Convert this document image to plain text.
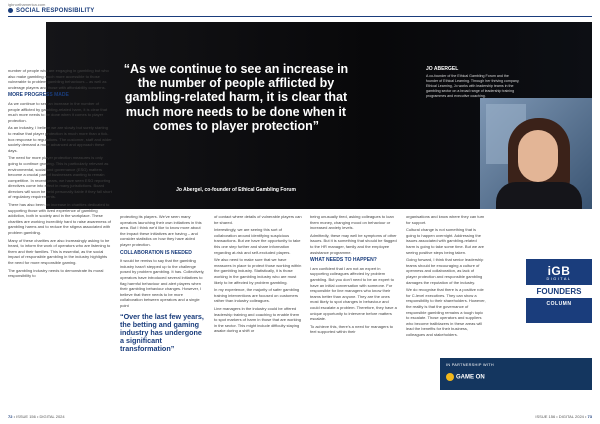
igbnorthamerica.com
SOCIAL RESPONSIBILITY
“As we continue to see an increase in the number of people afflicted by gambling-related harm, it is clear that much more needs to be done when it comes to player protection”
Jo Abergel, co-founder of Ethical Gambling Forum
JO ABERGEL
A co-founder of the Ethical Gambling Forum and the founder of Ethical Learning. Through her thriving company, Ethical Learning, Jo works with leadership teams in the gambling sector on a broad range of leadership training programmes and executive coaching.

number of people who are engaging in gambling but who also make gambling much more accessible to those vulnerable to problem gambling behaviours – as well as underage players and those with affordability concerns.

MORE PROGRESS MADE

As we continue to see an increase in the number of people afflicted by gambling-related harm, it is clear that much more needs to be done when it comes to player protection.

As an industry, I believe we are slowly but surely starting to realise that player protection is much more than a tick-box response to regulations. The customer, staff and wider society demand a more advanced and approach these days.

The need for more player protection measures is only going to continue growing. This is particularly relevant as environmental, social and governance (ESG) matters become a crucial part of businesses wanting to remain competitive. In recent years, we have seen ESG reporting directives come into effect in many jurisdictions. Board directors will soon be held personally liable if they fall short of regulatory requirements.

There has also been an increase in charities dedicated to supporting those with lived experience of gambling addiction, both in society and in the workplace. These charities are working incredibly hard to raise awareness of gambling harms and to reduce the stigma associated with problem gambling.

Many of these charities are also increasingly asking to be heard, to inform the work of operators who are listening to them and their families. This is essential, as the social impact of responsible gambling in the industry highlights the need for more responsible gaming.

The gambling industry needs to demonstrate its moral responsibility to

protecting its players. We've seen many operators launching their own initiatives in this area. But I think we'd like to know more about the impact these initiatives are having – and consider statistics on how they have aided player protection.

COLLABORATION IS NEEDED

It would be remiss to say that the gambling industry hasn't stepped up to the challenge posed by problem gambling. It has. Collectively, operators have introduced several initiatives to flag harmful behaviour and alert players when their gambling behaviour changes. However, I believe that there needs to be more collaboration between operators and a single point

“Over the last few years, the betting and gaming industry has undergone a significant transformation”

of contact where details of vulnerable players can be shared.

Interestingly, we are seeing this sort of collaboration around identifying suspicious transactions. But we have the opportunity to take this one step further and share information regarding at-risk and self-excluded players.

We also need to make sure that we have measures in place to protect those working within the gambling industry. Statistically, it is those working in the gambling industry who are most likely to be affected by problem gambling.

In my experience, the majority of safer gambling training interventions are focused on customers rather than industry colleagues.

Line managers in the industry could be offered leadership training and coaching to enable them to spot markers of harm in those that are working in the sector. This might include difficulty staying awake during a shift or

being unusually tired, asking colleagues to loan them money, changing mood on behaviour or increased anxiety levels.

Admittedly, these may well be symptoms of other issues. But it is something that should be flagged to the HR manager, family and the employee assistance programme.

WHAT NEEDS TO HAPPEN?

I am confident that I am not an expert in supporting colleagues affected by problem gambling. But you don't need to be an expert to have an initial conversation with someone. For responsible for line managers who know their teams better than anyone. They are the ones most likely to spot changes in behaviour and could escalate a problem. Therefore, they have a unique opportunity to intervene before matters escalate.

To achieve this, there's a need for managers to feel supported within their

organisations and know where they can turn for support.

Cultural change is not something that is going to happen overnight. Addressing the issues associated with gambling-related harm is going to take some time. But we are seeing positive steps being taken.

Going forward, I think that senior leadership teams should be encouraging a culture of openness and collaboration, as lack of player protection and responsible gambling damages the reputation of the industry.

We do recognise that there is a positive role for C-level executives. They can show a responsibility to their shareholders. However, the reality is that the governance of responsible gambling remains a tough topic to escalate. Those operators and suppliers who become trailblazers in these areas will lead the benefits for their business, colleagues and stakeholders.

iGB
DIGITAL
FOUNDERS
COLUMN
IN PARTNERSHIP WITH
GAME ON
72 • ISSUE 156 • DIGITAL 2024	ISSUE 156 • DIGITAL 2024 • 73
